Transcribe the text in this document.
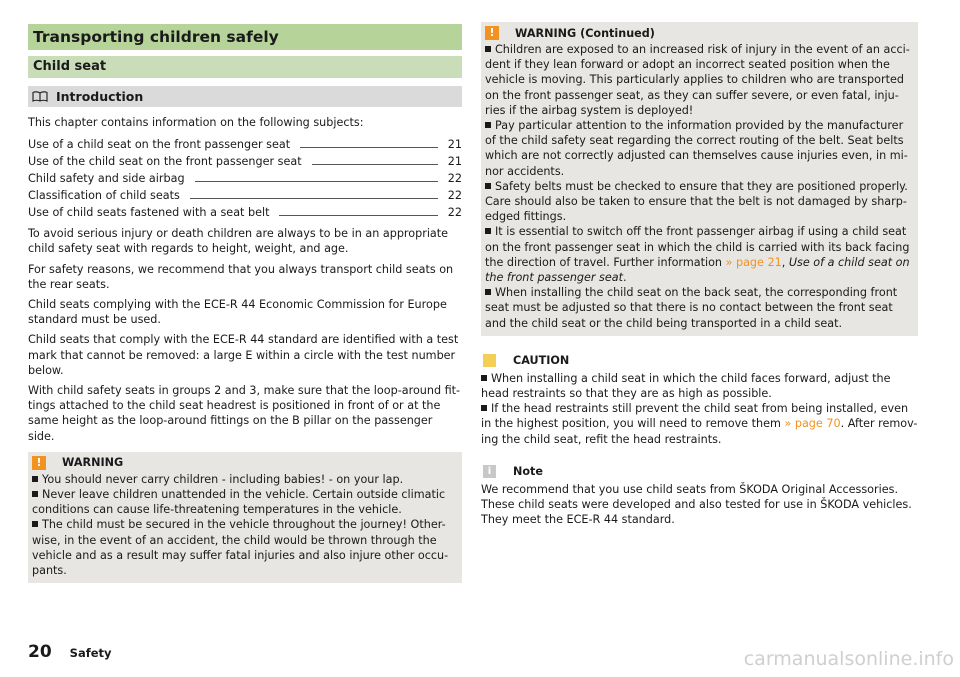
Transporting children safely
Child seat
Introduction

This chapter contains information on the following subjects:

Use of a child seat on the front passenger seat	21
Use of the child seat on the front passenger seat	21
Child safety and side airbag	22
Classification of child seats	22
Use of child seats fastened with a seat belt	22

To avoid serious injury or death children are always to be in an appropriate child safety seat with regards to height, weight, and age.

For safety reasons, we recommend that you always transport child seats on the rear seats.

Child seats complying with the ECE-R 44 Economic Commission for Europe standard must be used.

Child seats that comply with the ECE-R 44 standard are identified with a test mark that cannot be removed: a large E within a circle with the test number below.

With child safety seats in groups 2 and 3, make sure that the loop-around fit-tings attached to the child seat headrest is positioned in front of or at the same height as the loop-around fittings on the B pillar on the passenger side.

!	WARNING

You should never carry children - including babies! - on your lap.

Never leave children unattended in the vehicle. Certain outside climatic conditions can cause life-threatening temperatures in the vehicle.

The child must be secured in the vehicle throughout the journey! Other-wise, in the event of an accident, the child would be thrown through the vehicle and as a result may suffer fatal injuries and also injure other occu-pants.

!	WARNING (Continued)

Children are exposed to an increased risk of injury in the event of an acci-dent if they lean forward or adopt an incorrect seated position when the vehicle is moving. This particularly applies to children who are transported on the front passenger seat, as they can suffer severe, or even fatal, inju-ries if the airbag system is deployed!

Pay particular attention to the information provided by the manufacturer of the child safety seat regarding the correct routing of the belt. Seat belts which are not correctly adjusted can themselves cause injuries even, in mi-nor accidents.

Safety belts must be checked to ensure that they are positioned properly. Care should also be taken to ensure that the belt is not damaged by sharp-edged fittings.

It is essential to switch off the front passenger airbag if using a child seat on the front passenger seat in which the child is carried with its back facing the direction of travel. Further information » page 21, Use of a child seat on the front passenger seat.

When installing the child seat on the back seat, the corresponding front seat must be adjusted so that there is no contact between the front seat and the child seat or the child being transported in a child seat.

CAUTION

When installing a child seat in which the child faces forward, adjust the head restraints so that they are as high as possible.

If the head restraints still prevent the child seat from being installed, even in the highest position, you will need to remove them » page 70. After remov-ing the child seat, refit the head restraints.

i	Note

We recommend that you use child seats from ŠKODA Original Accessories. These child seats were developed and also tested for use in ŠKODA vehicles. They meet the ECE-R 44 standard.

20 Safety	carmanualsonline.info
